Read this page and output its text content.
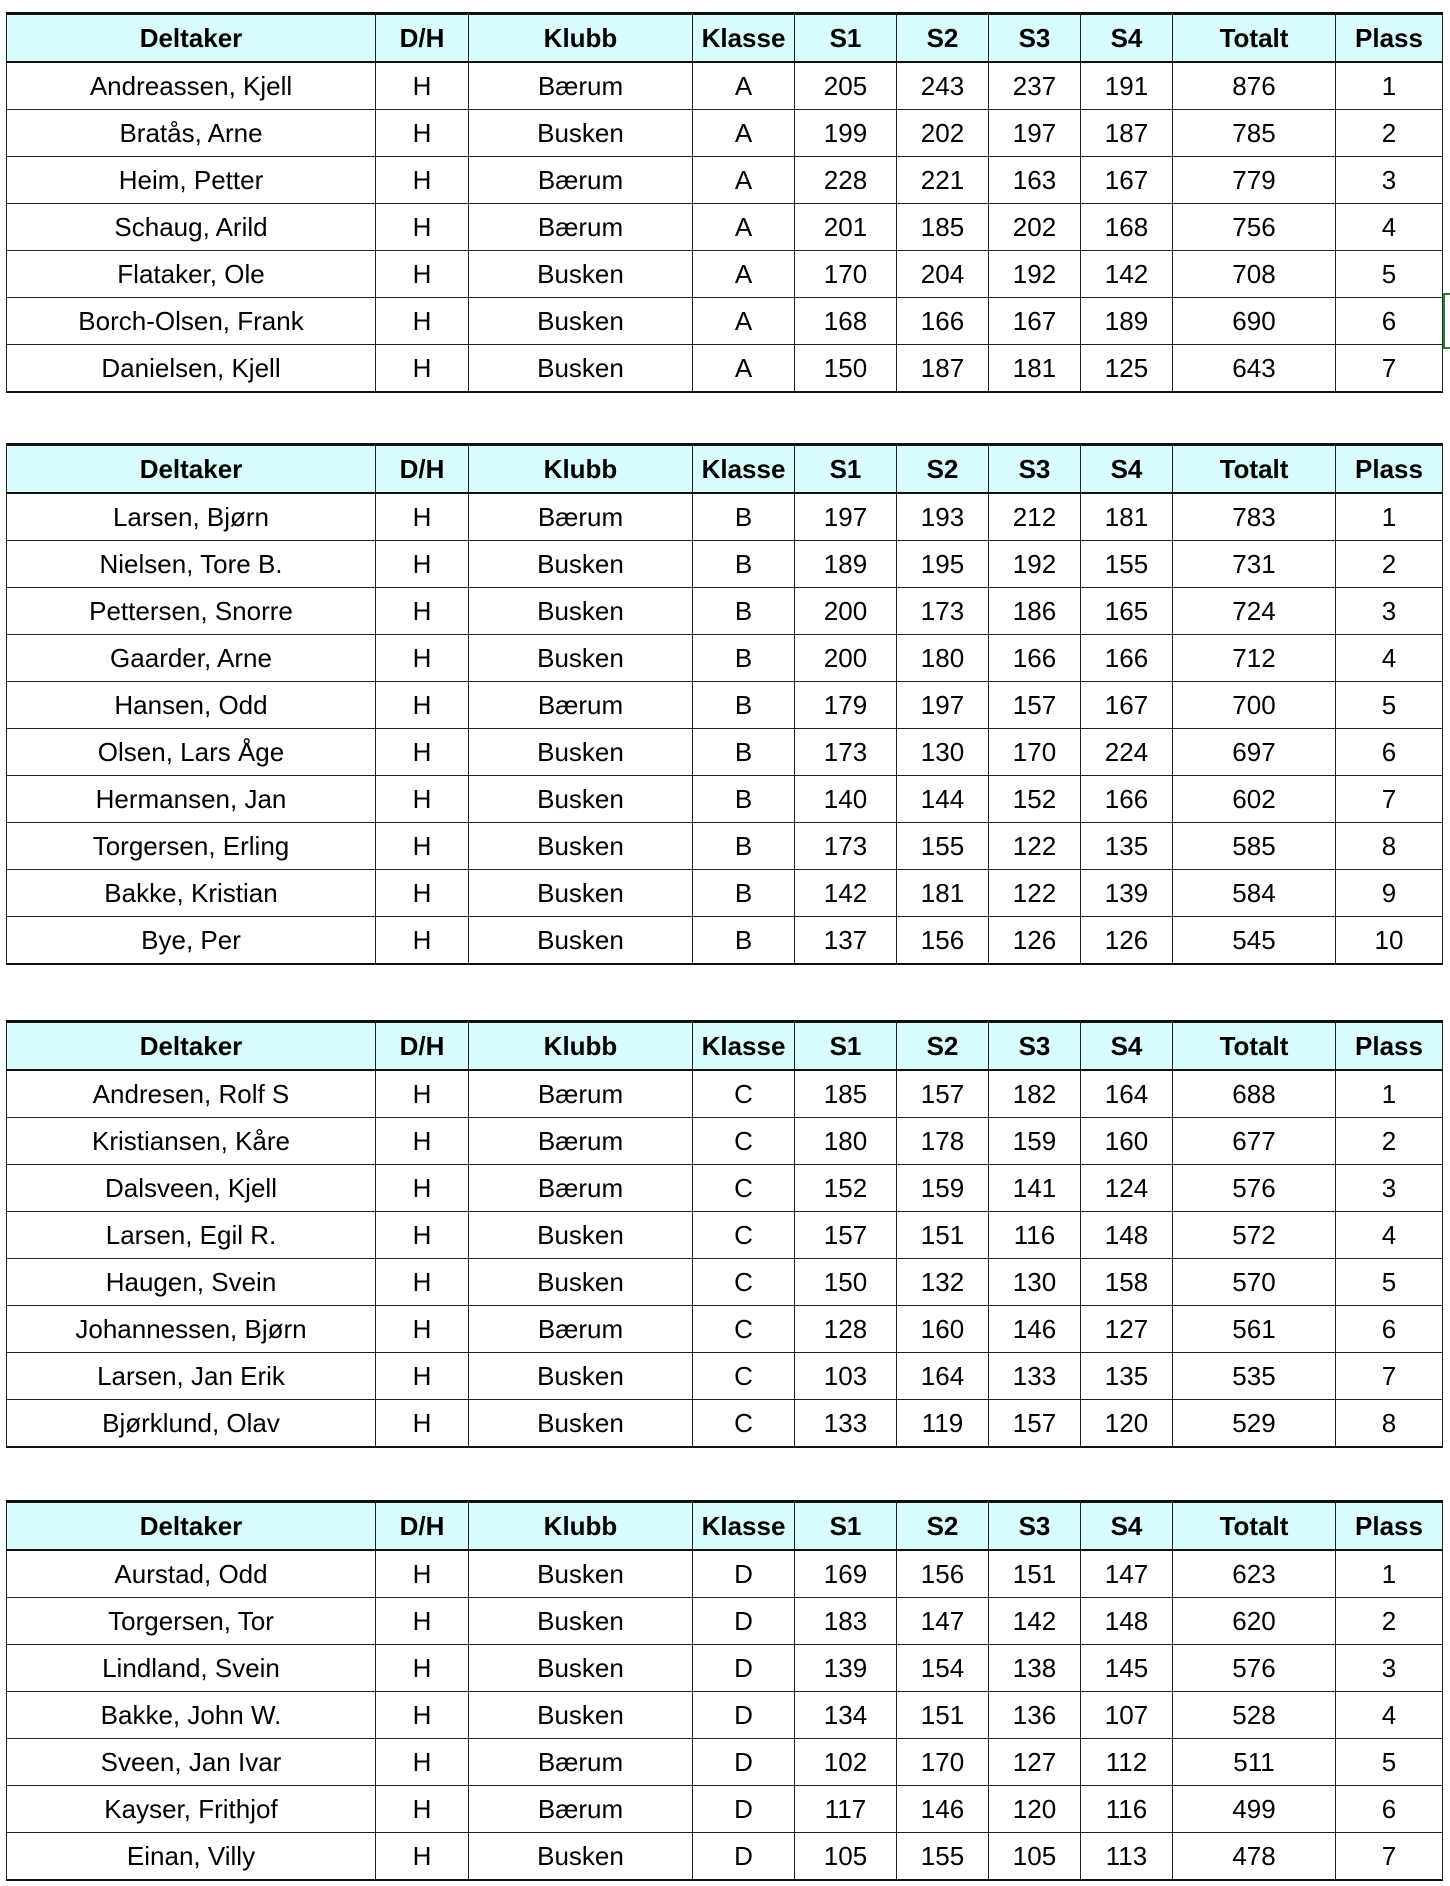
Deltaker	D/H	Klubb	Klasse	S1	S2	S3	S4	Totalt	Plass
Andreassen, Kjell	H	Bærum	A	205	243	237	191	876	1
Bratås, Arne	H	Busken	A	199	202	197	187	785	2
Heim, Petter	H	Bærum	A	228	221	163	167	779	3
Schaug, Arild	H	Bærum	A	201	185	202	168	756	4
Flataker, Ole	H	Busken	A	170	204	192	142	708	5
Borch-Olsen, Frank	H	Busken	A	168	166	167	189	690	6
Danielsen, Kjell	H	Busken	A	150	187	181	125	643	7
Deltaker	D/H	Klubb	Klasse	S1	S2	S3	S4	Totalt	Plass
Larsen, Bjørn	H	Bærum	B	197	193	212	181	783	1
Nielsen, Tore B.	H	Busken	B	189	195	192	155	731	2
Pettersen, Snorre	H	Busken	B	200	173	186	165	724	3
Gaarder, Arne	H	Busken	B	200	180	166	166	712	4
Hansen, Odd	H	Bærum	B	179	197	157	167	700	5
Olsen, Lars Åge	H	Busken	B	173	130	170	224	697	6
Hermansen, Jan	H	Busken	B	140	144	152	166	602	7
Torgersen, Erling	H	Busken	B	173	155	122	135	585	8
Bakke, Kristian	H	Busken	B	142	181	122	139	584	9
Bye, Per	H	Busken	B	137	156	126	126	545	10
Deltaker	D/H	Klubb	Klasse	S1	S2	S3	S4	Totalt	Plass
Andresen, Rolf S	H	Bærum	C	185	157	182	164	688	1
Kristiansen, Kåre	H	Bærum	C	180	178	159	160	677	2
Dalsveen, Kjell	H	Bærum	C	152	159	141	124	576	3
Larsen, Egil R.	H	Busken	C	157	151	116	148	572	4
Haugen, Svein	H	Busken	C	150	132	130	158	570	5
Johannessen, Bjørn	H	Bærum	C	128	160	146	127	561	6
Larsen, Jan Erik	H	Busken	C	103	164	133	135	535	7
Bjørklund, Olav	H	Busken	C	133	119	157	120	529	8
Deltaker	D/H	Klubb	Klasse	S1	S2	S3	S4	Totalt	Plass
Aurstad, Odd	H	Busken	D	169	156	151	147	623	1
Torgersen, Tor	H	Busken	D	183	147	142	148	620	2
Lindland, Svein	H	Busken	D	139	154	138	145	576	3
Bakke, John W.	H	Busken	D	134	151	136	107	528	4
Sveen, Jan Ivar	H	Bærum	D	102	170	127	112	511	5
Kayser, Frithjof	H	Bærum	D	117	146	120	116	499	6
Einan, Villy	H	Busken	D	105	155	105	113	478	7
